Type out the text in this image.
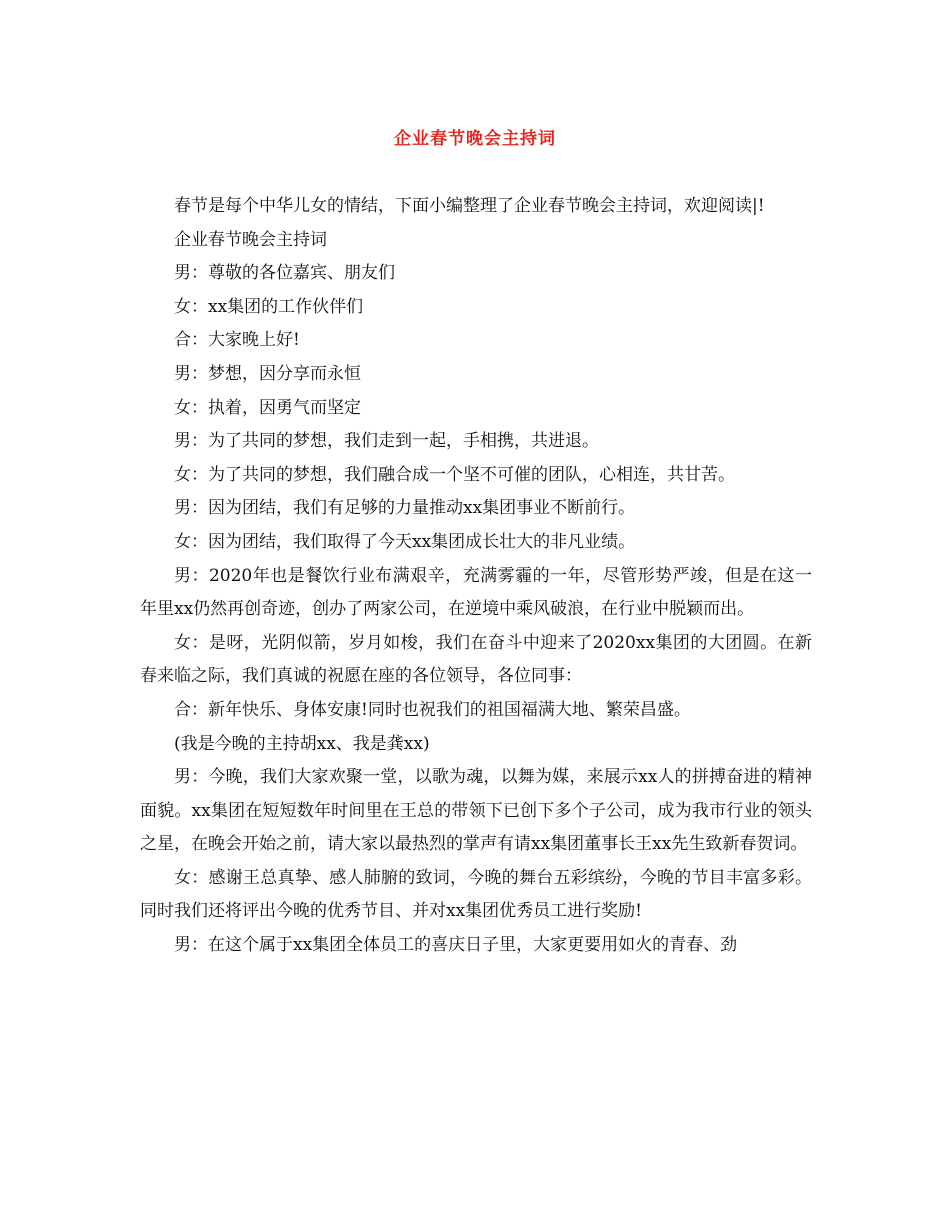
企业春节晚会主持词

春节是每个中华儿女的情结，下面小编整理了企业春节晚会主持词，欢迎阅读|!

企业春节晚会主持词

男：尊敬的各位嘉宾、朋友们

女：xx集团的工作伙伴们

合：大家晚上好!

男：梦想，因分享而永恒

女：执着，因勇气而坚定

男：为了共同的梦想，我们走到一起，手相携，共进退。

女：为了共同的梦想，我们融合成一个坚不可催的团队，心相连，共甘苦。

男：因为团结，我们有足够的力量推动xx集团事业不断前行。

女：因为团结，我们取得了今天xx集团成长壮大的非凡业绩。

男：2020年也是餐饮行业布满艰辛，充满雾霾的一年，尽管形势严竣，但是在这一年里xx仍然再创奇迹，创办了两家公司，在逆境中乘风破浪，在行业中脱颖而出。

女：是呀，光阴似箭，岁月如梭，我们在奋斗中迎来了2020xx集团的大团圆。在新春来临之际，我们真诚的祝愿在座的各位领导，各位同事：

合：新年快乐、身体安康!同时也祝我们的祖国福满大地、繁荣昌盛。

(我是今晚的主持胡xx、我是龚xx)

男：今晚，我们大家欢聚一堂，以歌为魂，以舞为媒，来展示xx人的拼搏奋进的精神面貌。xx集团在短短数年时间里在王总的带领下已创下多个子公司，成为我市行业的领头之星，在晚会开始之前，请大家以最热烈的掌声有请xx集团董事长王xx先生致新春贺词。

女：感谢王总真挚、感人肺腑的致词，今晚的舞台五彩缤纷，今晚的节目丰富多彩。同时我们还将评出今晚的优秀节目、并对xx集团优秀员工进行奖励!

男：在这个属于xx集团全体员工的喜庆日子里，大家更要用如火的青春、劲
